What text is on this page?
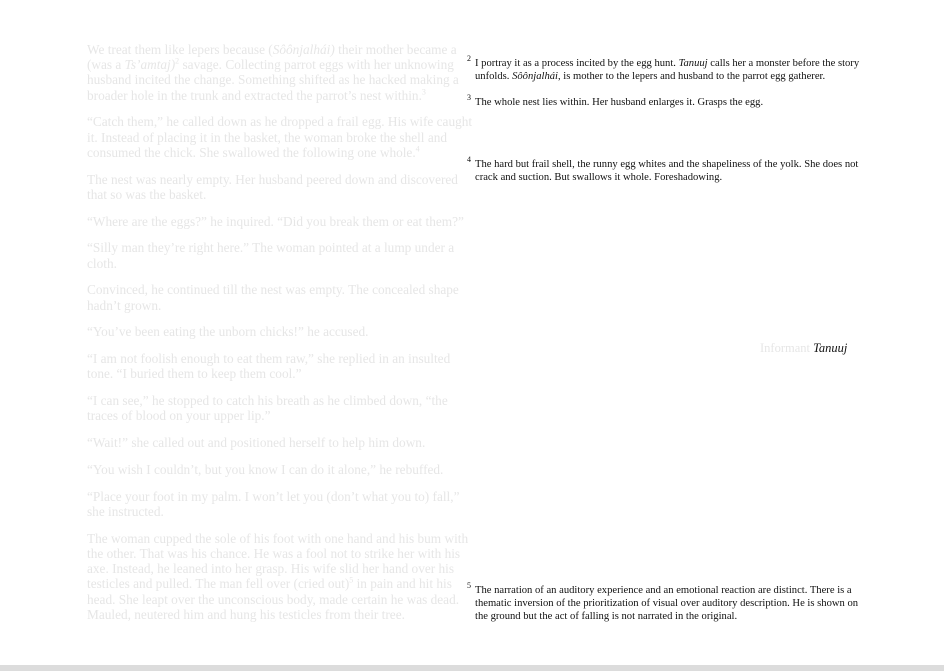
We treat them like lepers because (Sôônjalhái) their mother became a (was a Ts’amtaj)$^2$ savage. Collecting parrot eggs with her unknowing husband incited the change. Something shifted as he hacked making a broader hole in the trunk and extracted the parrot’s nest within.$^3$

“Catch them,” he called down as he dropped a frail egg. His wife caught it. Instead of placing it in the basket, the woman broke the shell and consumed the chick. She swallowed the following one whole.$^4$

The nest was nearly empty. Her husband peered down and discovered that so was the basket.

“Where are the eggs?” he inquired. “Did you break them or eat them?”

“Silly man they’re right here.” The woman pointed at a lump under a cloth.

Convinced, he continued till the nest was empty. The concealed shape hadn’t grown.

“You’ve been eating the unborn chicks!” he accused.

“I am not foolish enough to eat them raw,” she replied in an insulted tone. “I buried them to keep them cool.”

“I can see,” he stopped to catch his breath as he climbed down, “the traces of blood on your upper lip.”

“Wait!” she called out and positioned herself to help him down.

“You wish I couldn’t, but you know I can do it alone,” he rebuffed.

“Place your foot in my palm. I won’t let you (don’t what you to) fall,” she instructed.

The woman cupped the sole of his foot with one hand and his bum with the other. That was his chance. He was a fool not to strike her with his axe. Instead, he leaned into her grasp. His wife slid her hand over his testicles and pulled. The man fell over (cried out)$^5$ in pain and hit his head. She leapt over the unconscious body, made certain he was dead. Mauled, neutered him and hung his testicles from their tree.

$^2$ I portray it as a process incited by the egg hunt. Tanuuj calls her a monster before the story unfolds. Sôônjalhái, is mother to the lepers and husband to the parrot egg gatherer.
$^3$ The whole nest lies within. Her husband enlarges it. Grasps the egg.
$^4$ The hard but frail shell, the runny egg whites and the shapeliness of the yolk. She does not crack and suction. But swallows it whole. Foreshadowing.
Informant Tanuuj
$^5$ The narration of an auditory experience and an emotional reaction are distinct. There is a thematic inversion of the prioritization of visual over auditory description. He is shown on the ground but the act of falling is not narrated in the original.
